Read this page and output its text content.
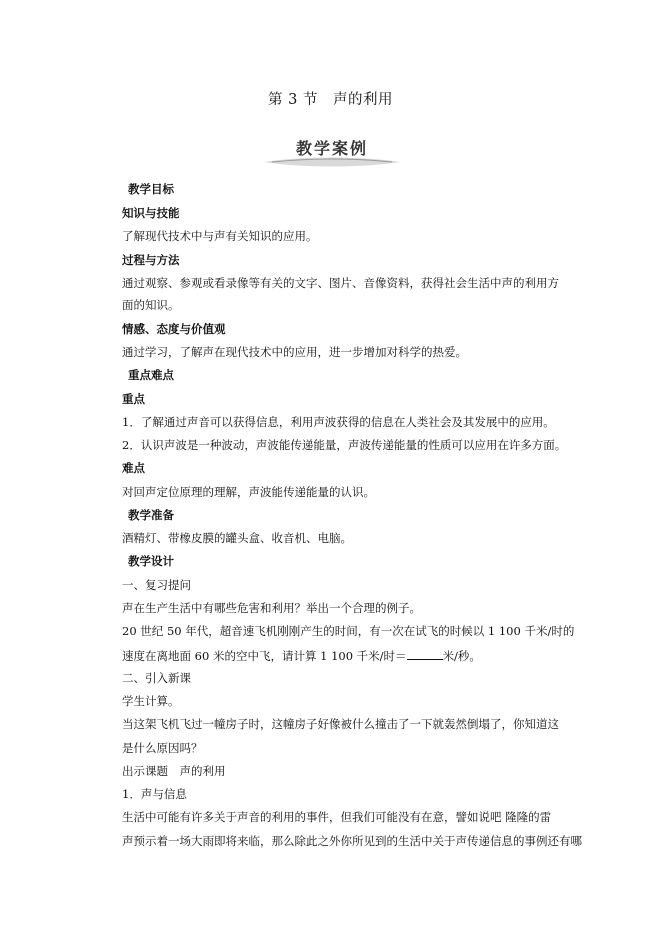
第 3 节　声的利用
教学案例
教学目标
知识与技能
了解现代技术中与声有关知识的应用。
过程与方法
通过观察、参观或看录像等有关的文字、图片、音像资料，获得社会生活中声的利用方
面的知识。
情感、态度与价值观
通过学习，了解声在现代技术中的应用，进一步增加对科学的热爱。
重点难点
重点
1．了解通过声音可以获得信息，利用声波获得的信息在人类社会及其发展中的应用。
2．认识声波是一种波动，声波能传递能量，声波传递能量的性质可以应用在许多方面。
难点
对回声定位原理的理解，声波能传递能量的认识。
教学准备
酒精灯、带橡皮膜的罐头盒、收音机、电脑。
教学设计
一、复习提问
声在生产生活中有哪些危害和利用？举出一个合理的例子。
20 世纪 50 年代，超音速飞机刚刚产生的时间，有一次在试飞的时候以 1 100 千米/时的
速度在离地面 60 米的空中飞，请计算 1 100 千米/时＝	米/秒。
二、引入新课
学生计算。
当这架飞机飞过一幢房子时，这幢房子好像被什么撞击了一下就轰然倒塌了，你知道这
是什么原因吗？
出示课题　声的利用
1．声与信息
生活中可能有许多关于声音的利用的事件，但我们可能没有在意，譬如说吧 隆隆的雷
声预示着一场大雨即将来临，那么除此之外你所见到的生活中关于声传递信息的事例还有哪
